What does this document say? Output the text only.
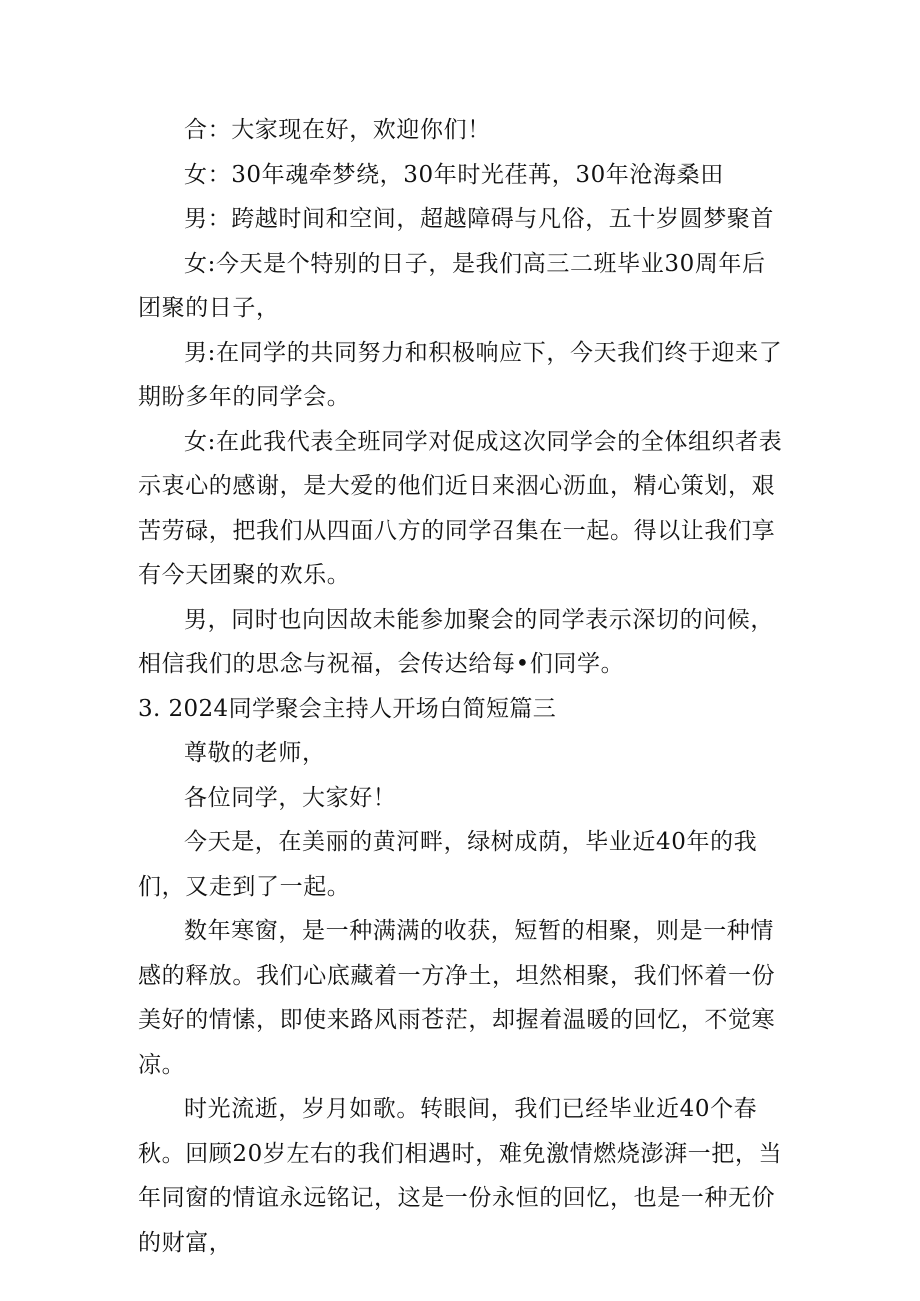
合：大家现在好，欢迎你们！

女：30年魂牵梦绕，30年时光荏苒，30年沧海桑田

男：跨越时间和空间，超越障碍与凡俗，五十岁圆梦聚首

女:今天是个特别的日子，是我们高三二班毕业30周年后团聚的日子，

男:在同学的共同努力和积极响应下，今天我们终于迎来了期盼多年的同学会。

女:在此我代表全班同学对促成这次同学会的全体组织者表示衷心的感谢，是大爱的他们近日来洇心沥血，精心策划，艰苦劳碌，把我们从四面八方的同学召集在一起。得以让我们享有今天团聚的欢乐。

男，同时也向因故未能参加聚会的同学表示深切的问候，相信我们的思念与祝福，会传达给每•们同学。

3. 2024同学聚会主持人开场白简短篇三

尊敬的老师，

各位同学，大家好！

今天是，在美丽的黄河畔，绿树成荫，毕业近40年的我们，又走到了一起。

数年寒窗，是一种满满的收获，短暂的相聚，则是一种情感的释放。我们心底藏着一方净土，坦然相聚，我们怀着一份美好的情愫，即使来路风雨苍茫，却握着温暖的回忆，不觉寒凉。

时光流逝，岁月如歌。转眼间，我们已经毕业近40个春秋。回顾20岁左右的我们相遇时，难免激情燃烧澎湃一把，当年同窗的情谊永远铭记，这是一份永恒的回忆，也是一种无价的财富，
